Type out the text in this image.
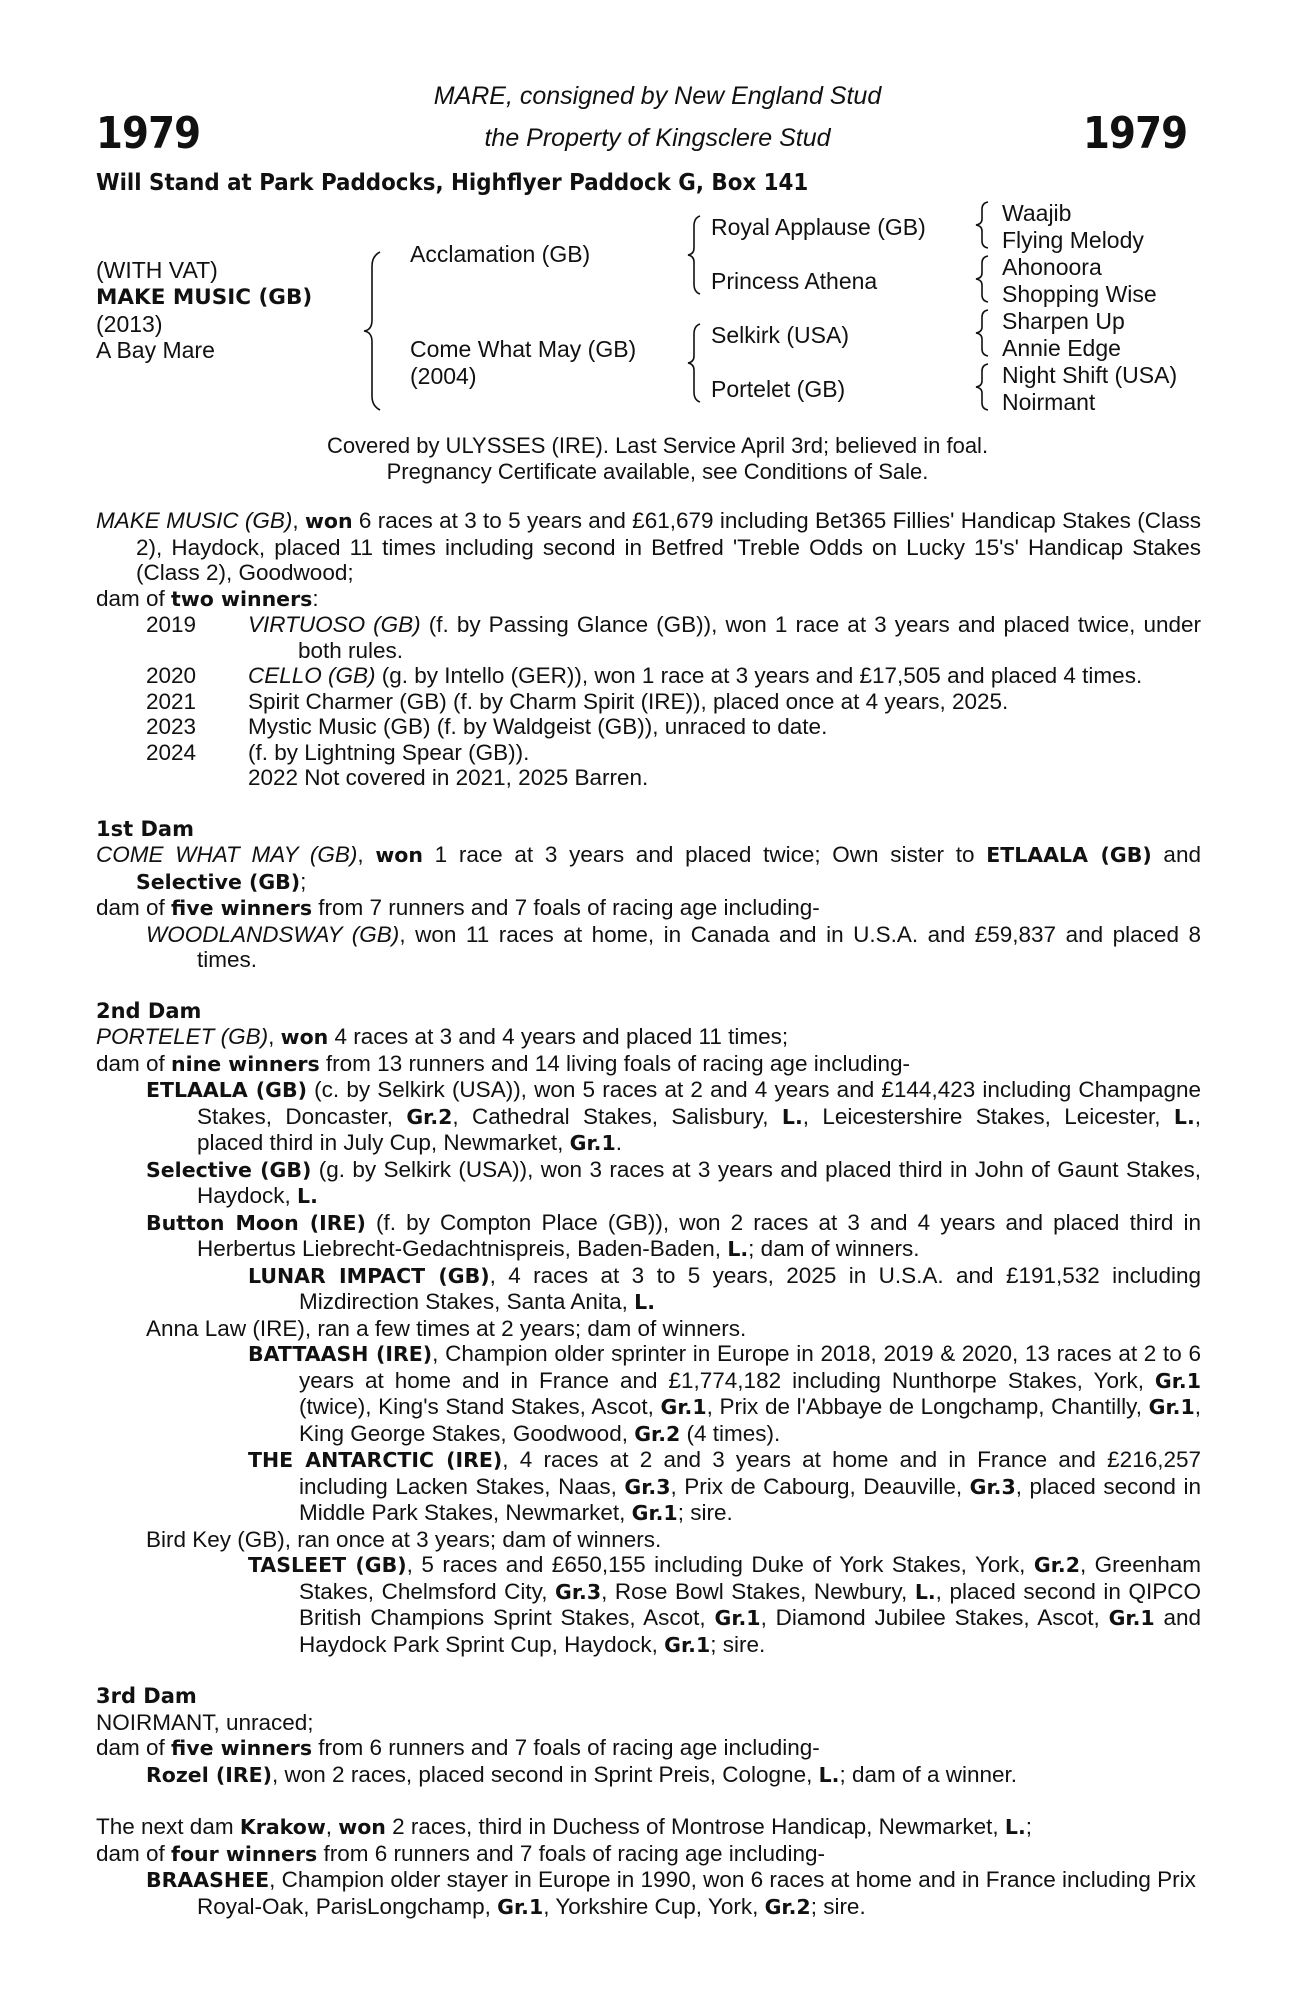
1979	1979
MARE, consigned by New England Stud
the Property of Kingsclere Stud
Will Stand at Park Paddocks, Highflyer Paddock G, Box 141
(WITH VAT)
MAKE MUSIC (GB)
(2013)
A Bay Mare
Acclamation (GB)
Come What May (GB)
(2004)
Royal Applause (GB)
Princess Athena
Selkirk (USA)
Portelet (GB)
Waajib
Flying Melody
Ahonoora
Shopping Wise
Sharpen Up
Annie Edge
Night Shift (USA)
Noirmant
Covered by ULYSSES (IRE). Last Service April 3rd; believed in foal.
Pregnancy Certificate available, see Conditions of Sale.
MAKE MUSIC (GB), won 6 races at 3 to 5 years and £61,679 including Bet365 Fillies' Handicap Stakes (Class 2), Haydock, placed 11 times including second in Betfred 'Treble Odds on Lucky 15's' Handicap Stakes (Class 2), Goodwood;
dam of two winners:
2019	VIRTUOSO (GB) (f. by Passing Glance (GB)), won 1 race at 3 years and placed twice, under both rules.
2020	CELLO (GB) (g. by Intello (GER)), won 1 race at 3 years and £17,505 and placed 4 times.
2021	Spirit Charmer (GB) (f. by Charm Spirit (IRE)), placed once at 4 years, 2025.
2023	Mystic Music (GB) (f. by Waldgeist (GB)), unraced to date.
2024	(f. by Lightning Spear (GB)).
2022 Not covered in 2021, 2025 Barren.
1st Dam
COME WHAT MAY (GB), won 1 race at 3 years and placed twice; Own sister to ETLAALA (GB) and Selective (GB);
dam of five winners from 7 runners and 7 foals of racing age including-
WOODLANDSWAY (GB), won 11 races at home, in Canada and in U.S.A. and £59,837 and placed 8 times.
2nd Dam
PORTELET (GB), won 4 races at 3 and 4 years and placed 11 times;
dam of nine winners from 13 runners and 14 living foals of racing age including-
ETLAALA (GB) (c. by Selkirk (USA)), won 5 races at 2 and 4 years and £144,423 including Champagne Stakes, Doncaster, Gr.2, Cathedral Stakes, Salisbury, L., Leicestershire Stakes, Leicester, L., placed third in July Cup, Newmarket, Gr.1.
Selective (GB) (g. by Selkirk (USA)), won 3 races at 3 years and placed third in John of Gaunt Stakes, Haydock, L.
Button Moon (IRE) (f. by Compton Place (GB)), won 2 races at 3 and 4 years and placed third in Herbertus Liebrecht-Gedachtnispreis, Baden-Baden, L.; dam of winners.
LUNAR IMPACT (GB), 4 races at 3 to 5 years, 2025 in U.S.A. and £191,532 including Mizdirection Stakes, Santa Anita, L.
Anna Law (IRE), ran a few times at 2 years; dam of winners.
BATTAASH (IRE), Champion older sprinter in Europe in 2018, 2019 & 2020, 13 races at 2 to 6 years at home and in France and £1,774,182 including Nunthorpe Stakes, York, Gr.1 (twice), King's Stand Stakes, Ascot, Gr.1, Prix de l'Abbaye de Longchamp, Chantilly, Gr.1, King George Stakes, Goodwood, Gr.2 (4 times).
THE ANTARCTIC (IRE), 4 races at 2 and 3 years at home and in France and £216,257 including Lacken Stakes, Naas, Gr.3, Prix de Cabourg, Deauville, Gr.3, placed second in Middle Park Stakes, Newmarket, Gr.1; sire.
Bird Key (GB), ran once at 3 years; dam of winners.
TASLEET (GB), 5 races and £650,155 including Duke of York Stakes, York, Gr.2, Greenham Stakes, Chelmsford City, Gr.3, Rose Bowl Stakes, Newbury, L., placed second in QIPCO British Champions Sprint Stakes, Ascot, Gr.1, Diamond Jubilee Stakes, Ascot, Gr.1 and Haydock Park Sprint Cup, Haydock, Gr.1; sire.
3rd Dam
NOIRMANT, unraced;
dam of five winners from 6 runners and 7 foals of racing age including-
Rozel (IRE), won 2 races, placed second in Sprint Preis, Cologne, L.; dam of a winner.
The next dam Krakow, won 2 races, third in Duchess of Montrose Handicap, Newmarket, L.;
dam of four winners from 6 runners and 7 foals of racing age including-
BRAASHEE, Champion older stayer in Europe in 1990, won 6 races at home and in France including Prix Royal-Oak, ParisLongchamp, Gr.1, Yorkshire Cup, York, Gr.2; sire.
